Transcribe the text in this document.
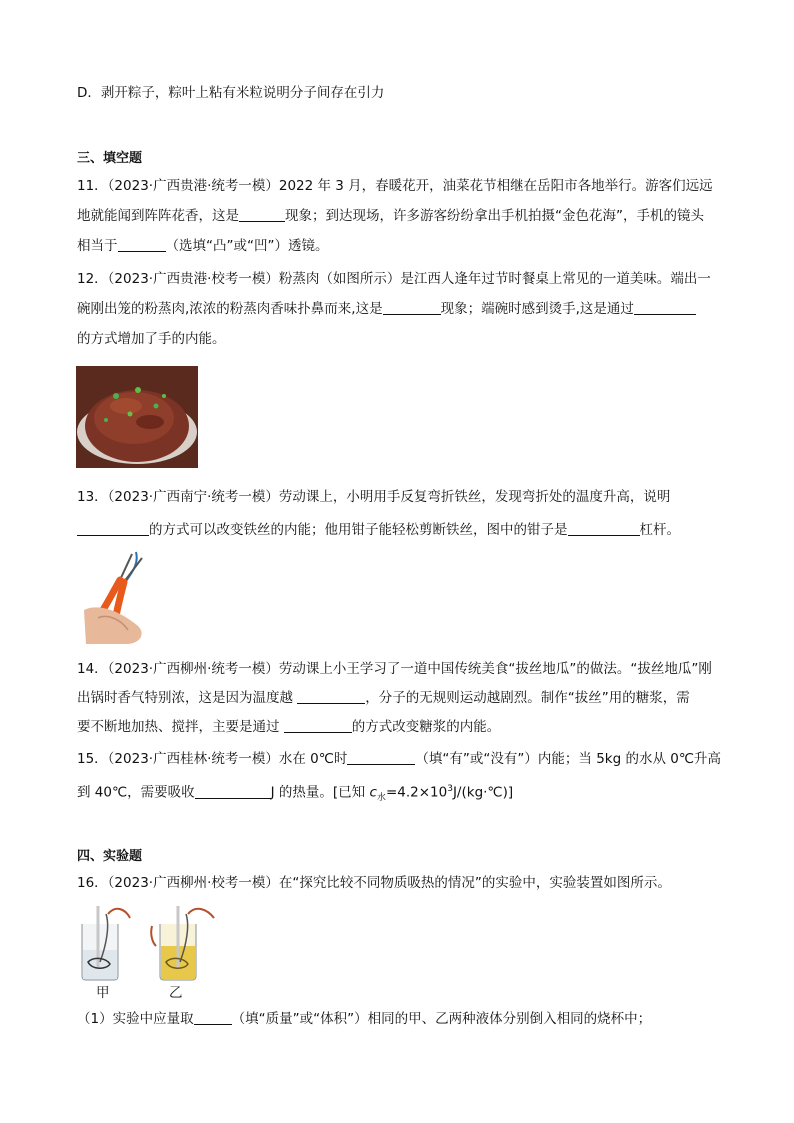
D．剥开粽子，粽叶上粘有米粒说明分子间存在引力
三、填空题
11．（2023·广西贵港·统考一模）2022 年 3 月，春暖花开，油菜花节相继在岳阳市各地举行。游客们远远
地就能闻到阵阵花香，这是	现象；到达现场，许多游客纷纷拿出手机拍摄“金色花海”，手机的镜头
相当于	（选填“凸”或“凹”）透镜。
12．（2023·广西贵港·校考一模）粉蒸肉（如图所示）是江西人逢年过节时餐桌上常见的一道美味。端出一
碗刚出笼的粉蒸肉,浓浓的粉蒸肉香味扑鼻而来,这是	现象；端碗时感到烫手,这是通过
的方式增加了手的内能。
13．（2023·广西南宁·统考一模）劳动课上，小明用手反复弯折铁丝，发现弯折处的温度升高，说明
的方式可以改变铁丝的内能；他用钳子能轻松剪断铁丝，图中的钳子是	杠杆。
14．（2023·广西柳州·统考一模）劳动课上小王学习了一道中国传统美食“拔丝地瓜”的做法。“拔丝地瓜”刚
出锅时香气特别浓，这是因为温度越	，分子的无规则运动越剧烈。制作“拔丝”用的糖浆，需
要不断地加热、搅拌，主要是通过	的方式改变糖浆的内能。
15．（2023·广西桂林·统考一模）水在 0℃时	（填“有”或“没有”）内能；当 5kg 的水从 0℃升高
到 40℃，需要吸收	J 的热量。[已知 $c_水=4.2\times 10^3J/(kg\cdot℃)$]
四、实验题
16．（2023·广西柳州·校考一模）在“探究比较不同物质吸热的情况”的实验中，实验装置如图所示。
甲	乙
（1）实验中应量取	（填“质量”或“体积”）相同的甲、乙两种液体分别倒入相同的烧杯中；
